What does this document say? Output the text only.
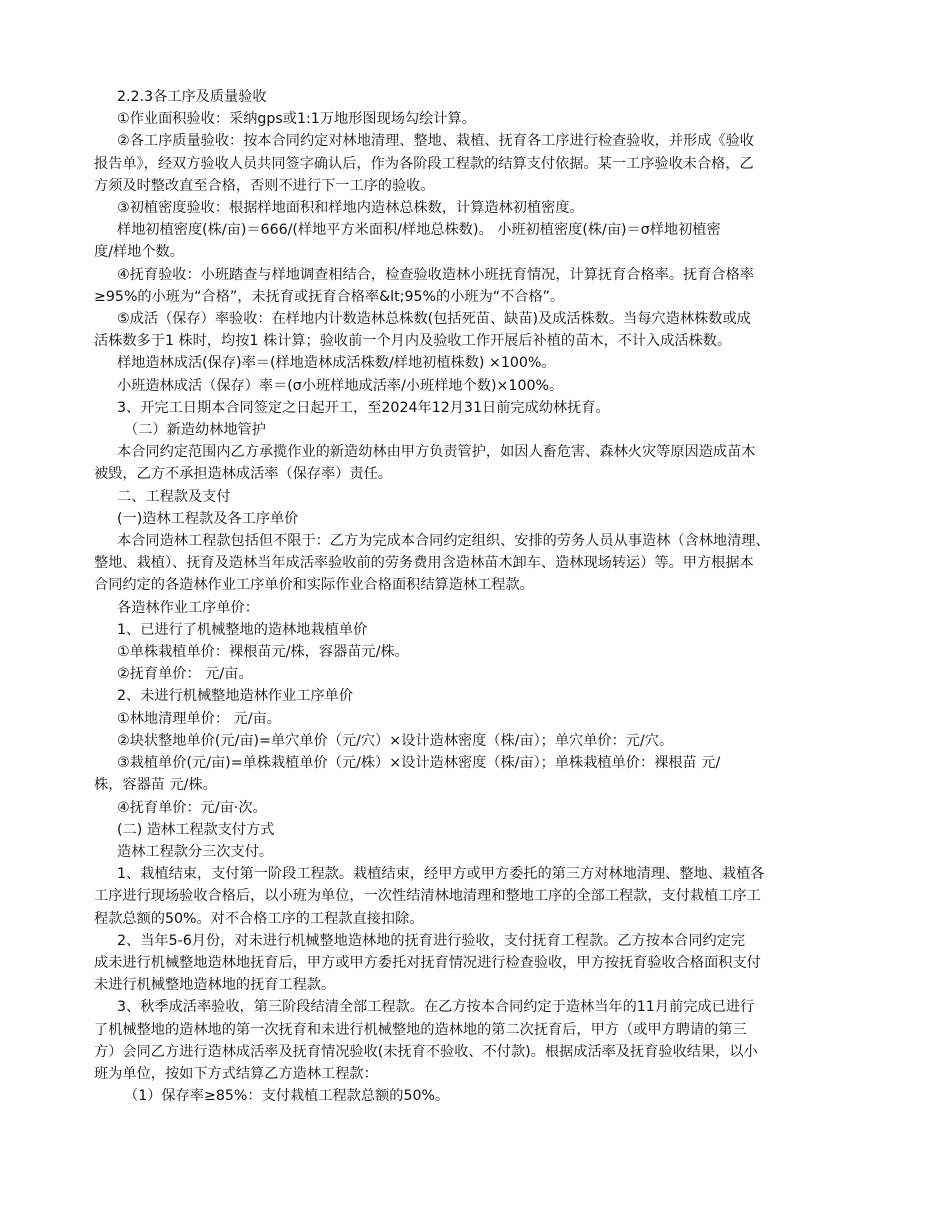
2.2.3各工序及质量验收

①作业面积验收：采纳gps或1:1万地形图现场勾绘计算。

②各工序质量验收：按本合同约定对林地清理、整地、栽植、抚育各工序进行检查验收，并形成《验收

报告单》，经双方验收人员共同签字确认后，作为各阶段工程款的结算支付依据。某一工序验收未合格，乙

方须及时整改直至合格，否则不进行下一工序的验收。

③初植密度验收：根据样地面积和样地内造林总株数，计算造林初植密度。

样地初植密度(株/亩)＝666/(样地平方米面积/样地总株数)。 小班初植密度(株/亩)＝σ样地初植密

度/样地个数。

④抚育验收：小班踏查与样地调查相结合，检查验收造林小班抚育情况，计算抚育合格率。抚育合格率

≥95%的小班为“合格”，未抚育或抚育合格率&lt;95%的小班为“不合格”。

⑤成活（保存）率验收：在样地内计数造林总株数(包括死苗、缺苗)及成活株数。当每穴造林株数或成

活株数多于1 株时，均按1 株计算；验收前一个月内及验收工作开展后补植的苗木，不计入成活株数。

样地造林成活(保存)率＝(样地造林成活株数/样地初植株数) ×100%。

小班造林成活（保存）率＝(σ小班样地成活率/小班样地个数)×100%。

3、开完工日期本合同签定之日起开工，至2024年12月31日前完成幼林抚育。

（二）新造幼林地管护

本合同约定范围内乙方承揽作业的新造幼林由甲方负责管护，如因人畜危害、森林火灾等原因造成苗木

被毁，乙方不承担造林成活率（保存率）责任。

二、工程款及支付

(一)造林工程款及各工序单价

本合同造林工程款包括但不限于：乙方为完成本合同约定组织、安排的劳务人员从事造林（含林地清理、

整地、栽植）、抚育及造林当年成活率验收前的劳务费用含造林苗木卸车、造林现场转运）等。甲方根据本

合同约定的各造林作业工序单价和实际作业合格面积结算造林工程款。

各造林作业工序单价：

1、已进行了机械整地的造林地栽植单价

①单株栽植单价：裸根苗元/株，容器苗元/株。

②抚育单价： 元/亩。

2、未进行机械整地造林作业工序单价

①林地清理单价： 元/亩。

②块状整地单价(元/亩)=单穴单价（元/穴）×设计造林密度（株/亩）；单穴单价：元/穴。

③栽植单价(元/亩)=单株栽植单价（元/株）×设计造林密度（株/亩）；单株栽植单价：裸根苗 元/

株，容器苗 元/株。

④抚育单价：元/亩·次。

(二) 造林工程款支付方式

造林工程款分三次支付。

1、栽植结束，支付第一阶段工程款。栽植结束，经甲方或甲方委托的第三方对林地清理、整地、栽植各

工序进行现场验收合格后，以小班为单位，一次性结清林地清理和整地工序的全部工程款，支付栽植工序工

程款总额的50%。对不合格工序的工程款直接扣除。

2、当年5-6月份，对未进行机械整地造林地的抚育进行验收，支付抚育工程款。乙方按本合同约定完

成未进行机械整地造林地抚育后，甲方或甲方委托对抚育情况进行检查验收，甲方按抚育验收合格面积支付

未进行机械整地造林地的抚育工程款。

3、秋季成活率验收，第三阶段结清全部工程款。在乙方按本合同约定于造林当年的11月前完成已进行

了机械整地的造林地的第一次抚育和未进行机械整地的造林地的第二次抚育后，甲方（或甲方聘请的第三

方）会同乙方进行造林成活率及抚育情况验收(未抚育不验收、不付款)。根据成活率及抚育验收结果，以小

班为单位，按如下方式结算乙方造林工程款：

（1）保存率≥85%：支付栽植工程款总额的50%。
